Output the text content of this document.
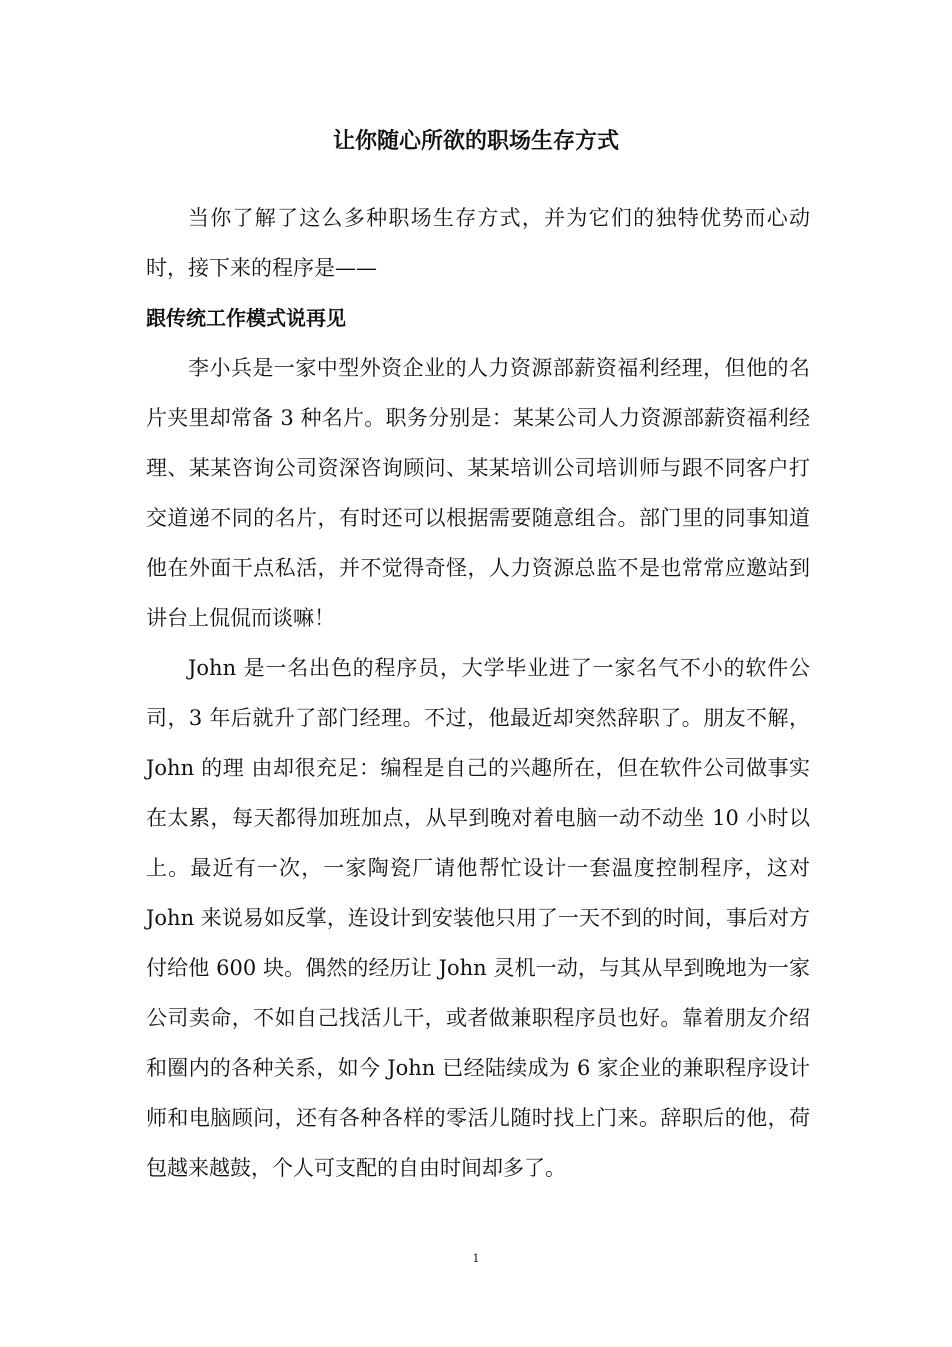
让你随心所欲的职场生存方式

当你了解了这么多种职场生存方式，并为它们的独特优势而心动时，接下来的程序是——

跟传统工作模式说再见

李小兵是一家中型外资企业的人力资源部薪资福利经理，但他的名片夹里却常备 3 种名片。职务分别是：某某公司人力资源部薪资福利经理、某某咨询公司资深咨询顾问、某某培训公司培训师与跟不同客户打交道递不同的名片，有时还可以根据需要随意组合。部门里的同事知道他在外面干点私活，并不觉得奇怪，人力资源总监不是也常常应邀站到讲台上侃侃而谈嘛！

John 是一名出色的程序员，大学毕业进了一家名气不小的软件公司，3 年后就升了部门经理。不过，他最近却突然辞职了。朋友不解，John 的理 由却很充足：编程是自己的兴趣所在，但在软件公司做事实在太累，每天都得加班加点，从早到晚对着电脑一动不动坐 10 小时以上。最近有一次，一家陶瓷厂请他帮忙设计一套温度控制程序，这对 John 来说易如反掌，连设计到安装他只用了一天不到的时间，事后对方付给他 600 块。偶然的经历让 John 灵机一动，与其从早到晚地为一家公司卖命，不如自己找活儿干，或者做兼职程序员也好。靠着朋友介绍和圈内的各种关系，如今 John 已经陆续成为 6 家企业的兼职程序设计师和电脑顾问，还有各种各样的零活儿随时找上门来。辞职后的他，荷包越来越鼓，个人可支配的自由时间却多了。

1
